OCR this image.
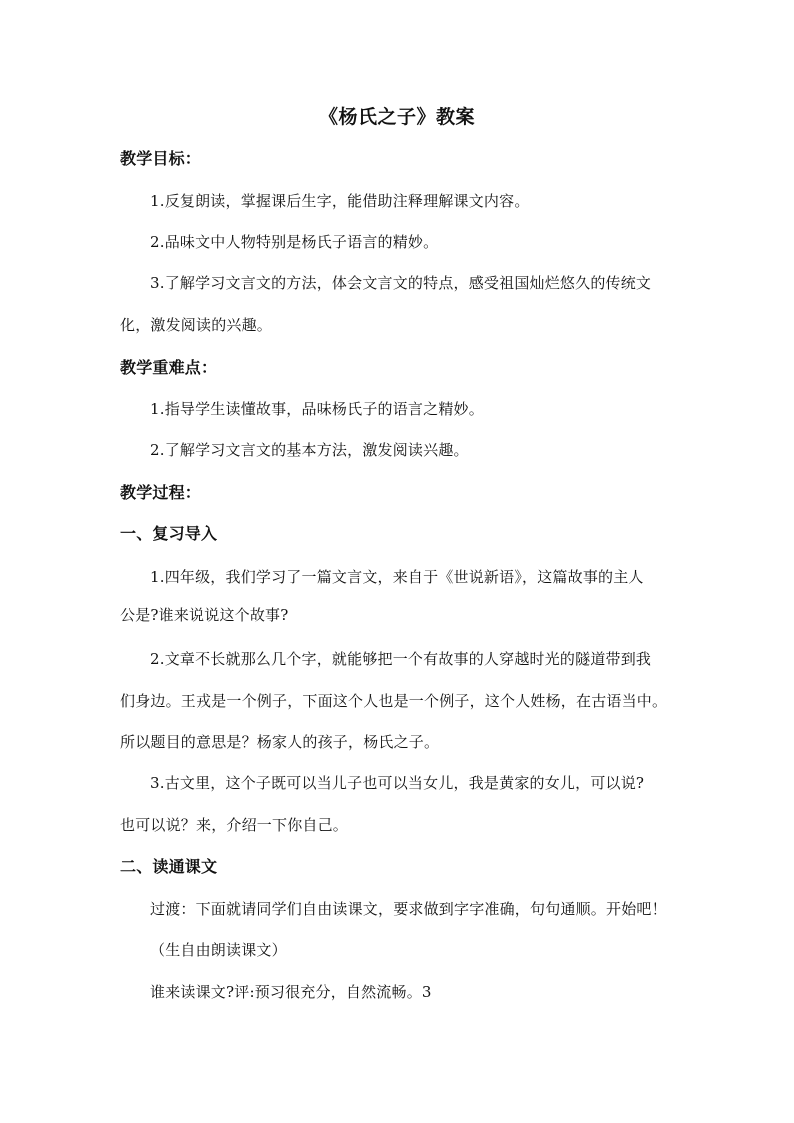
《杨氏之子》教案
教学目标：
1.反复朗读，掌握课后生字，能借助注释理解课文内容。
2.品味文中人物特别是杨氏子语言的精妙。
3.了解学习文言文的方法，体会文言文的特点，感受祖国灿烂悠久的传统文
化，激发阅读的兴趣。
教学重难点：
1.指导学生读懂故事，品味杨氏子的语言之精妙。
2.了解学习文言文的基本方法，激发阅读兴趣。
教学过程：
一、复习导入
1.四年级，我们学习了一篇文言文，来自于《世说新语》，这篇故事的主人
公是?谁来说说这个故事?
2.文章不长就那么几个字，就能够把一个有故事的人穿越时光的隧道带到我
们身边。王戎是一个例子，下面这个人也是一个例子，这个人姓杨，在古语当中。
所以题目的意思是？杨家人的孩子，杨氏之子。
3.古文里，这个子既可以当儿子也可以当女儿，我是黄家的女儿，可以说?
也可以说？来，介绍一下你自己。
二、读通课文
过渡：下面就请同学们自由读课文，要求做到字字准确，句句通顺。开始吧！
（生自由朗读课文）
谁来读课文?评:预习很充分，自然流畅。3
